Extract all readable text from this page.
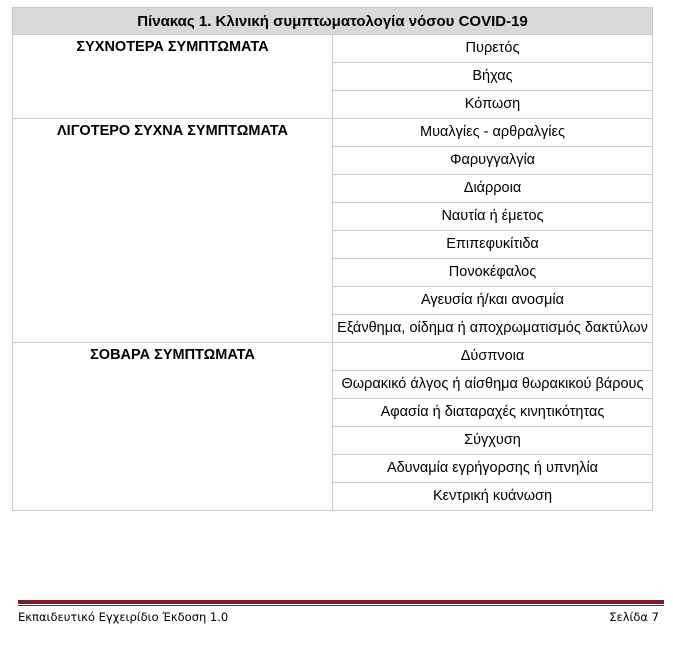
Πίνακας 1. Κλινική συμπτωματολογία νόσου COVID-19	
ΣΥΧΝΟΤΕΡΑ ΣΥΜΠΤΩΜΑΤΑ	Πυρετός
	Βήχας
	Κόπωση
ΛΙΓΟΤΕΡΟ ΣΥΧΝΑ ΣΥΜΠΤΩΜΑΤΑ	Μυαλγίες - αρθραλγίες
	Φαρυγγαλγία
	Διάρροια
	Ναυτία ή έμετος
	Επιπεφυκίτιδα
	Πονοκέφαλος
	Αγευσία ή/και ανοσμία
	Εξάνθημα, οίδημα ή αποχρωματισμός δακτύλων
ΣΟΒΑΡΑ ΣΥΜΠΤΩΜΑΤΑ	Δύσπνοια
	Θωρακικό άλγος ή αίσθημα θωρακικού βάρους
	Αφασία ή διαταραχές κινητικότητας
	Σύγχυση
	Αδυναμία εγρήγορσης ή υπνηλία
	Κεντρική κυάνωση
Εκπαιδευτικό Εγχειρίδιο Έκδοση 1.0	Σελίδα 7
